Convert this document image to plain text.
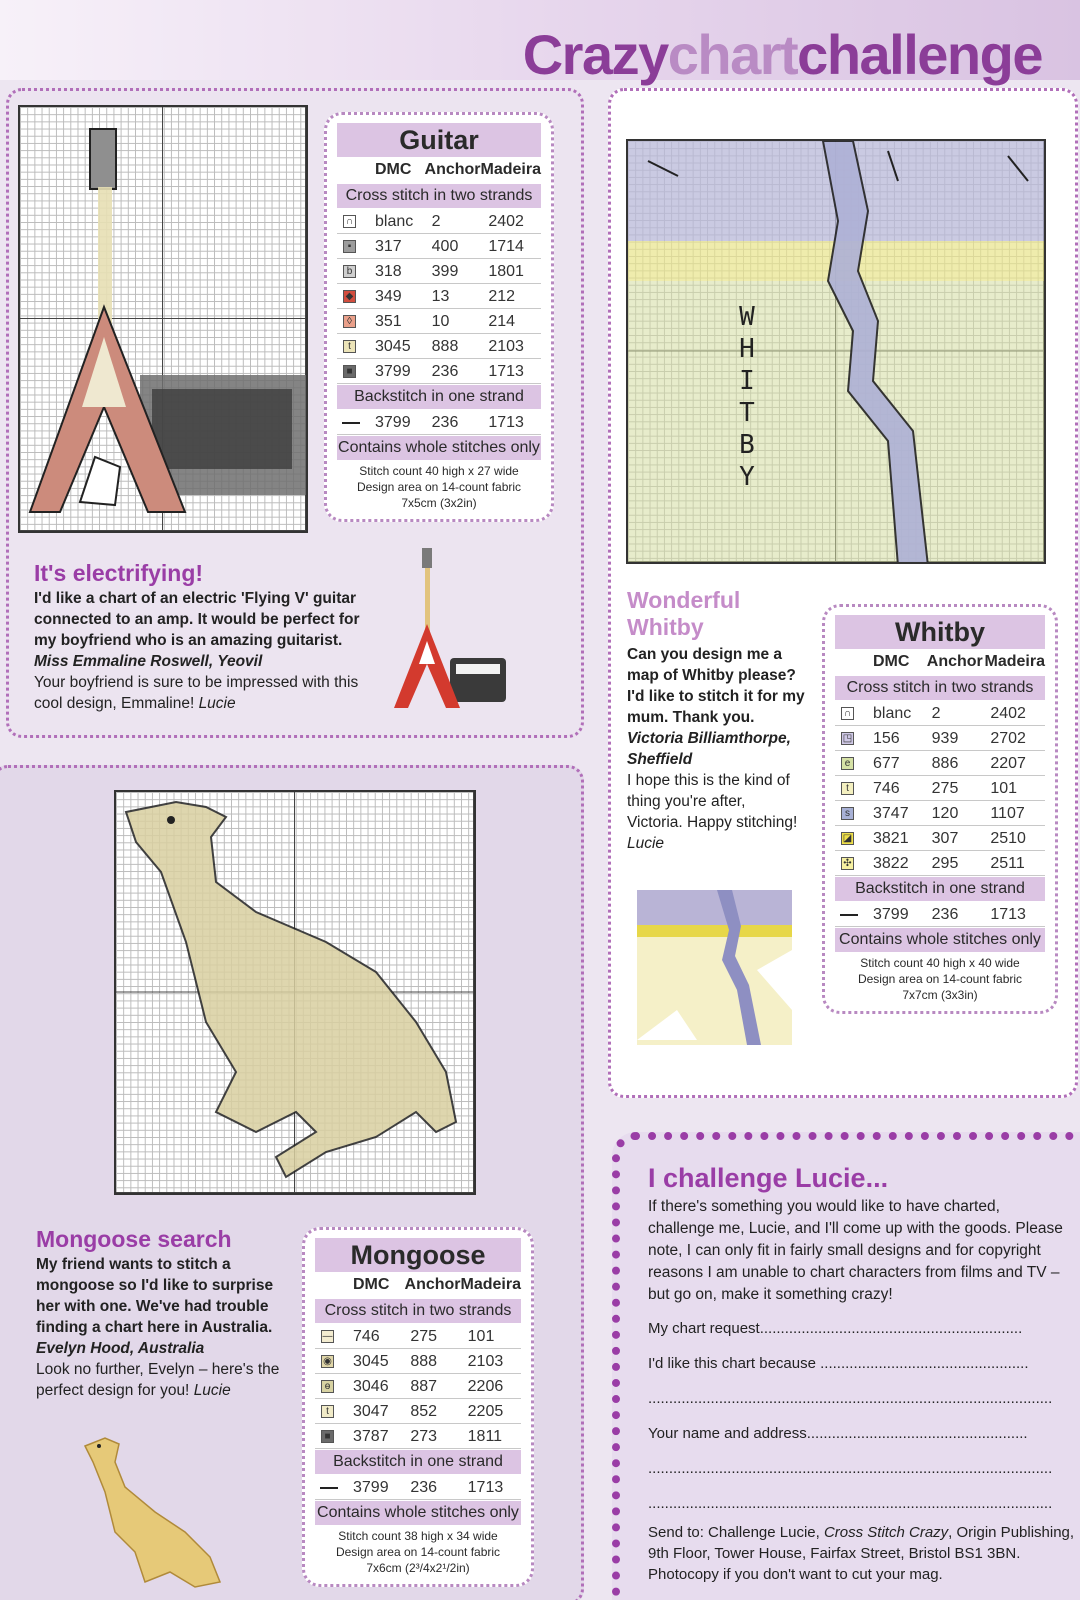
Crazychartchallenge
Guitar
DMC Anchor Madeira
Cross stitch in two strands
∩ blanc	2	2402
▪ 317	400	1714
b 318	399	1801
◆ 349	13	212
◊ 351	10	214
t	3045	888	2103
■ 3799	236	1713
Backstitch in one strand
3799	236	1713
Contains whole stitches only
Stitch count 40 high x 27 wide
Design area on 14-count fabric
7x5cm (3x2in)
It's electrifying!
I'd like a chart of an electric 'Flying V' guitar connected to an amp. It would be perfect for my boyfriend who is an amazing guitarist.
Miss Emmaline Roswell, Yeovil
Your boyfriend is sure to be impressed with this cool design, Emmaline! Lucie
W
H
I
T
B
Y
Wonderful
Whitby
Can you design me a map of Whitby please? I'd like to stitch it for my mum. Thank you.
Victoria Billiamthorpe, Sheffield
I hope this is the kind of thing you're after, Victoria. Happy stitching! Lucie
Whitby
DMC	Anchor Madeira
Cross stitch in two strands
∩ blanc	2	2402
◳ 156	939	2702
e 677	886	2207
t	746	275	101
s 3747	120	1107
◪ 3821	307	2510
✣ 3822	295	2511
Backstitch in one strand
3799	236	1713
Contains whole stitches only
Stitch count 40 high x 40 wide
Design area on 14-count fabric
7x7cm (3x3in)
Mongoose search
My friend wants to stitch a mongoose so I'd like to surprise her with one. We've had trouble finding a chart here in Australia.
Evelyn Hood, Australia
Look no further, Evelyn – here's the perfect design for you! Lucie
Mongoose
DMC Anchor Madeira
Cross stitch in two strands
— 746	275	101
◉ 3045	888	2103
ɵ 3046	887	2206
t	3047	852	2205
■ 3787	273	1811
Backstitch in one strand
3799	236	1713
Contains whole stitches only
Stitch count 38 high x 34 wide
Design area on 14-count fabric
7x6cm (2³/4x2¹/2in)
I challenge Lucie...
If there's something you would like to have charted, challenge me, Lucie, and I'll come up with the goods. Please note, I can only fit in fairly small designs and for copyright reasons I am unable to chart characters from films and TV – but go on, make it something crazy!
My chart request...............................................................
I'd like this chart because ..................................................
.................................................................................................
Your name and address.....................................................
.................................................................................................
.................................................................................................
Send to: Challenge Lucie, Cross Stitch Crazy, Origin Publishing, 9th Floor, Tower House, Fairfax Street, Bristol BS1 3BN. Photocopy if you don't want to cut your mag.
